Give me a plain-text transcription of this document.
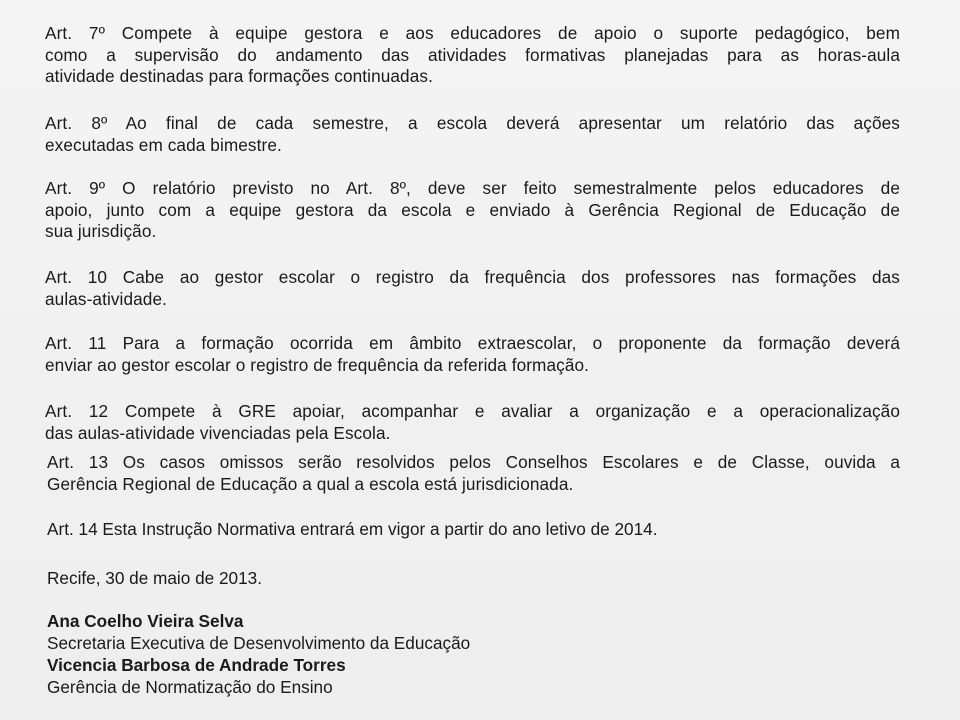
Art. 7º Compete à equipe gestora e aos educadores de apoio o suporte pedagógico, bem
como a supervisão do andamento das atividades formativas planejadas para as horas-aula
atividade destinadas para formações continuadas.

Art. 8º Ao final de cada semestre, a escola deverá apresentar um relatório das ações
executadas em cada bimestre.

Art. 9º O relatório previsto no Art. 8º, deve ser feito semestralmente pelos educadores de
apoio, junto com a equipe gestora da escola e enviado à Gerência Regional de Educação de
sua jurisdição.

Art. 10 Cabe ao gestor escolar o registro da frequência dos professores nas formações das
aulas-atividade.

Art. 11 Para a formação ocorrida em âmbito extraescolar, o proponente da formação deverá
enviar ao gestor escolar o registro de frequência da referida formação.

Art. 12 Compete à GRE apoiar, acompanhar e avaliar a organização e a operacionalização
das aulas-atividade vivenciadas pela Escola.

Art. 13 Os casos omissos serão resolvidos pelos Conselhos Escolares e de Classe, ouvida a
Gerência Regional de Educação a qual a escola está jurisdicionada.

Art. 14 Esta Instrução Normativa entrará em vigor a partir do ano letivo de 2014.

Recife, 30 de maio de 2013.

Ana Coelho Vieira Selva

Secretaria Executiva de Desenvolvimento da Educação

Vicencia Barbosa de Andrade Torres

Gerência de Normatização do Ensino
